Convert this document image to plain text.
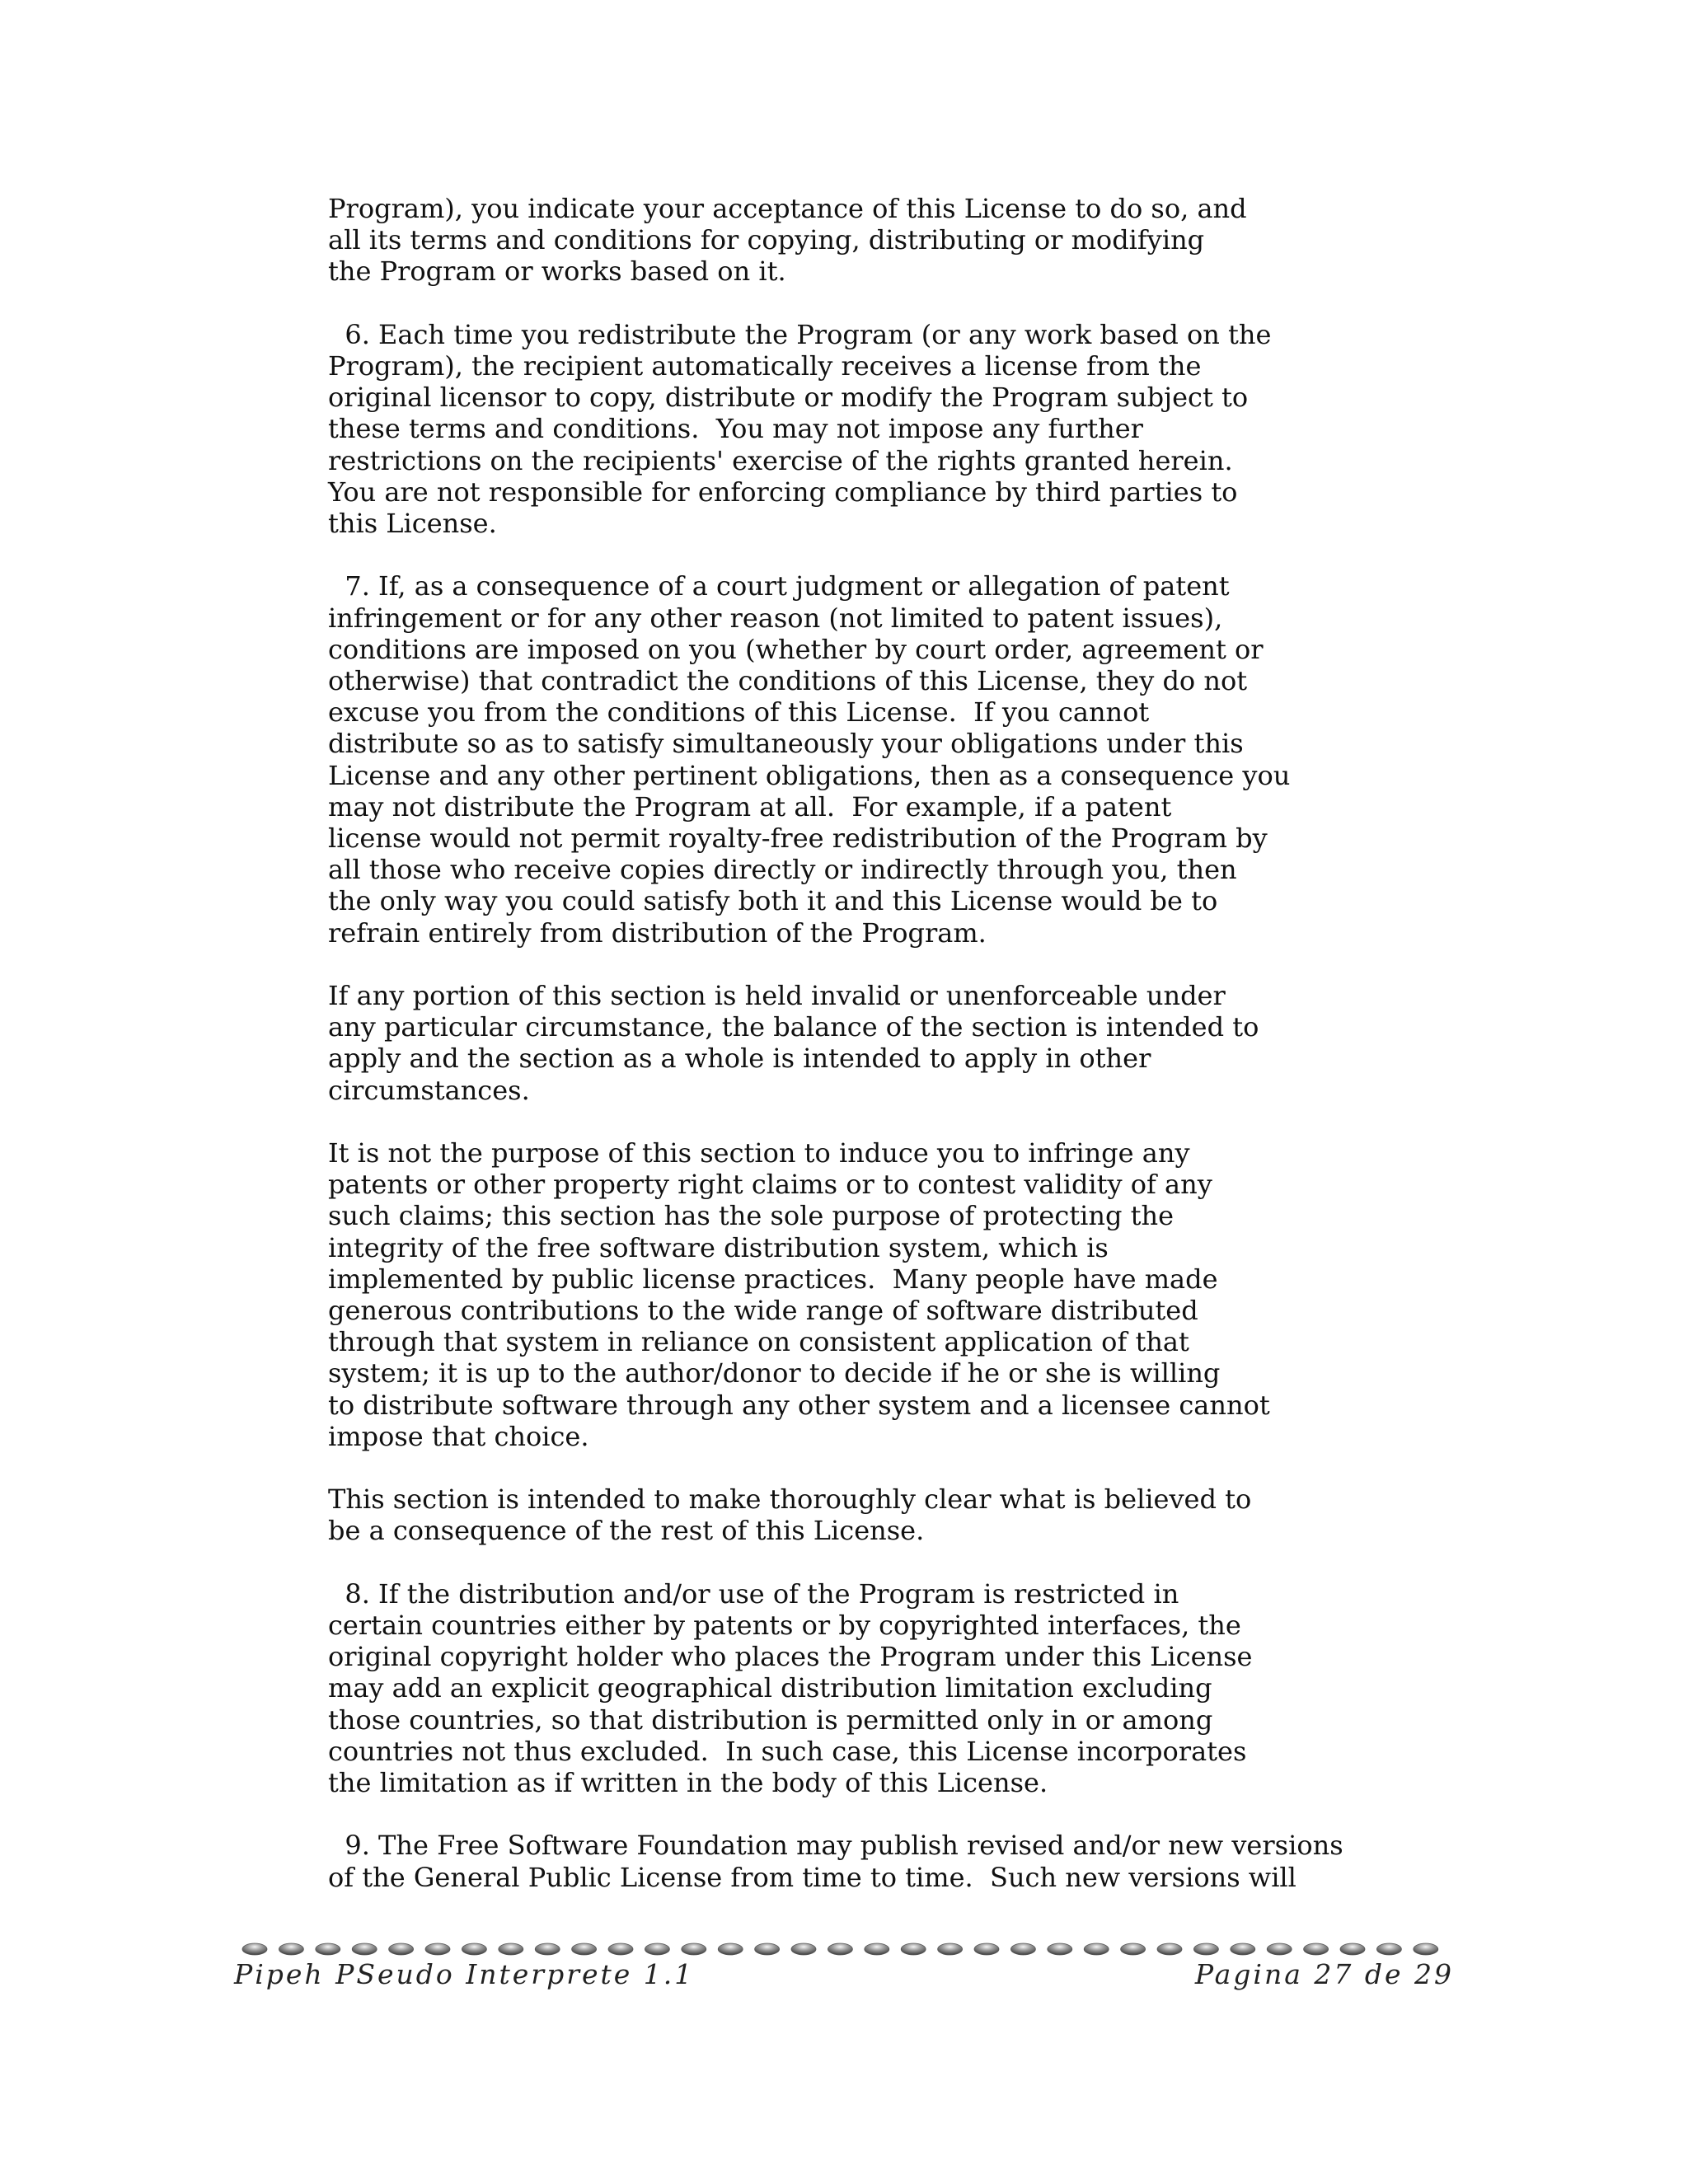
Program), you indicate your acceptance of this License to do so, and
all its terms and conditions for copying, distributing or modifying
the Program or works based on it.

6. Each time you redistribute the Program (or any work based on the
Program), the recipient automatically receives a license from the
original licensor to copy, distribute or modify the Program subject to
these terms and conditions.  You may not impose any further
restrictions on the recipients' exercise of the rights granted herein.
You are not responsible for enforcing compliance by third parties to
this License.

7. If, as a consequence of a court judgment or allegation of patent
infringement or for any other reason (not limited to patent issues),
conditions are imposed on you (whether by court order, agreement or
otherwise) that contradict the conditions of this License, they do not
excuse you from the conditions of this License.  If you cannot
distribute so as to satisfy simultaneously your obligations under this
License and any other pertinent obligations, then as a consequence you
may not distribute the Program at all.  For example, if a patent
license would not permit royalty-free redistribution of the Program by
all those who receive copies directly or indirectly through you, then
the only way you could satisfy both it and this License would be to
refrain entirely from distribution of the Program.

If any portion of this section is held invalid or unenforceable under
any particular circumstance, the balance of the section is intended to
apply and the section as a whole is intended to apply in other
circumstances.

It is not the purpose of this section to induce you to infringe any
patents or other property right claims or to contest validity of any
such claims; this section has the sole purpose of protecting the
integrity of the free software distribution system, which is
implemented by public license practices.  Many people have made
generous contributions to the wide range of software distributed
through that system in reliance on consistent application of that
system; it is up to the author/donor to decide if he or she is willing
to distribute software through any other system and a licensee cannot
impose that choice.

This section is intended to make thoroughly clear what is believed to
be a consequence of the rest of this License.

8. If the distribution and/or use of the Program is restricted in
certain countries either by patents or by copyrighted interfaces, the
original copyright holder who places the Program under this License
may add an explicit geographical distribution limitation excluding
those countries, so that distribution is permitted only in or among
countries not thus excluded.  In such case, this License incorporates
the limitation as if written in the body of this License.

9. The Free Software Foundation may publish revised and/or new versions
of the General Public License from time to time.  Such new versions will

Pipeh PSeudo Interprete 1.1	Pagina 27 de 29
